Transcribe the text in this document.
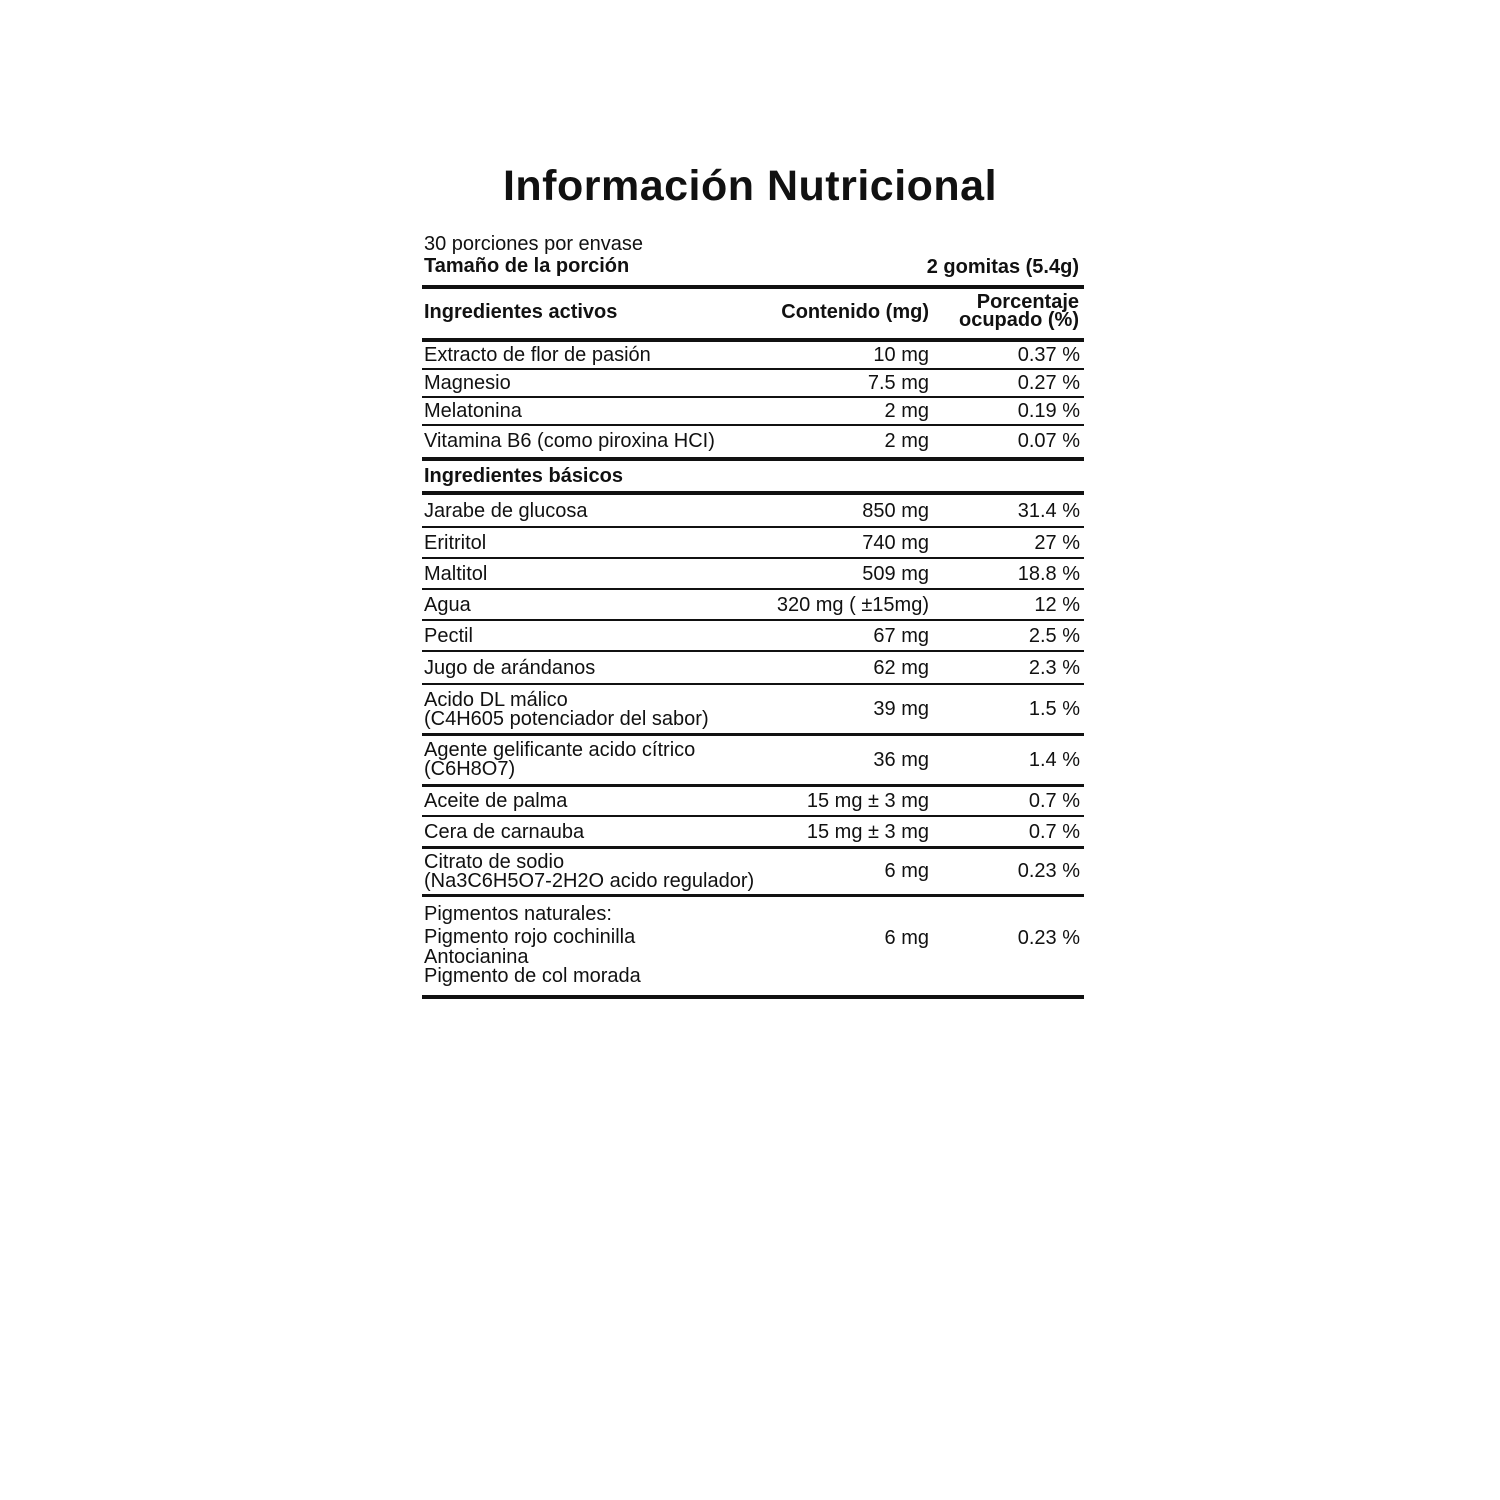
Información Nutricional
30 porciones por envase
Tamaño de la porción	2 gomitas (5.4g)
Ingredientes activos	Contenido (mg)	Porcentaje
ocupado (%)
Extracto de flor de pasión	10 mg	0.37 %
Magnesio	7.5 mg	0.27 %
Melatonina	2 mg	0.19 %
Vitamina B6 (como piroxina HCI)	2 mg	0.07 %
Ingredientes básicos
Jarabe de glucosa	850 mg	31.4 %
Eritritol	740 mg	27 %
Maltitol	509 mg	18.8 %
Agua	320 mg ( ±15mg)	12 %
Pectil	67 mg	2.5 %
Jugo de arándanos	62 mg	2.3 %
Acido DL málico
(C4H605 potenciador del sabor)	39 mg	1.5 %
Agente gelificante acido cítrico
(C6H8O7)	36 mg	1.4 %
Aceite de palma	15 mg ± 3 mg	0.7 %
Cera de carnauba	15 mg ± 3 mg	0.7 %
Citrato de sodio
(Na3C6H5O7-2H2O acido regulador)	6 mg	0.23 %
Pigmentos naturales:
Pigmento rojo cochinilla
Antocianina
Pigmento de col morada
6 mg	0.23 %
